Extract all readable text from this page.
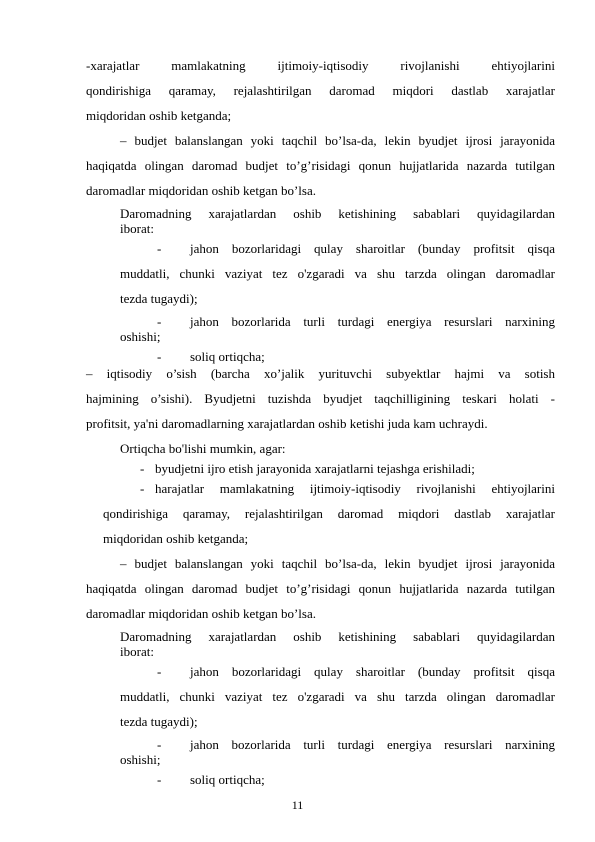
-xarajatlar mamlakatning ijtimoiy-iqtisodiy rivojlanishi ehtiyojlarini
qondirishiga qaramay, rejalashtirilgan daromad miqdori dastlab xarajatlar
miqdoridan oshib ketganda;
– budjet balanslangan yoki taqchil bo’lsa-da, lekin byudjet ijrosi jarayonida
haqiqatda olingan daromad budjet to’g’risidagi qonun hujjatlarida nazarda tutilgan
daromadlar miqdoridan oshib ketgan bo’lsa.
Daromadning xarajatlardan oshib ketishining sabablari quyidagilardan
iborat:
jahon bozorlaridagi qulay sharoitlar (bunday profitsit qisqa
muddatli, chunki vaziyat tez o'zgaradi va shu tarzda olingan daromadlar
tezda tugaydi);
jahon bozorlarida turli turdagi energiya resurslari narxining
oshishi;
soliq ortiqcha;
– iqtisodiy o’sish (barcha xo’jalik yurituvchi subyektlar hajmi va sotish
hajmining o’sishi). Byudjetni tuzishda byudjet taqchilligining teskari holati -
profitsit, ya'ni daromadlarning xarajatlardan oshib ketishi juda kam uchraydi.
Ortiqcha bo'lishi mumkin, agar:
byudjetni ijro etish jarayonida xarajatlarni tejashga erishiladi;
harajatlar mamlakatning ijtimoiy-iqtisodiy rivojlanishi ehtiyojlarini
qondirishiga qaramay, rejalashtirilgan daromad miqdori dastlab xarajatlar
miqdoridan oshib ketganda;
– budjet balanslangan yoki taqchil bo’lsa-da, lekin byudjet ijrosi jarayonida
haqiqatda olingan daromad budjet to’g’risidagi qonun hujjatlarida nazarda tutilgan
daromadlar miqdoridan oshib ketgan bo’lsa.
Daromadning xarajatlardan oshib ketishining sabablari quyidagilardan
iborat:
jahon bozorlaridagi qulay sharoitlar (bunday profitsit qisqa
muddatli, chunki vaziyat tez o'zgaradi va shu tarzda olingan daromadlar
tezda tugaydi);
jahon bozorlarida turli turdagi energiya resurslari narxining
oshishi;
soliq ortiqcha;
-
-
-
-
-
-
-
-
11
